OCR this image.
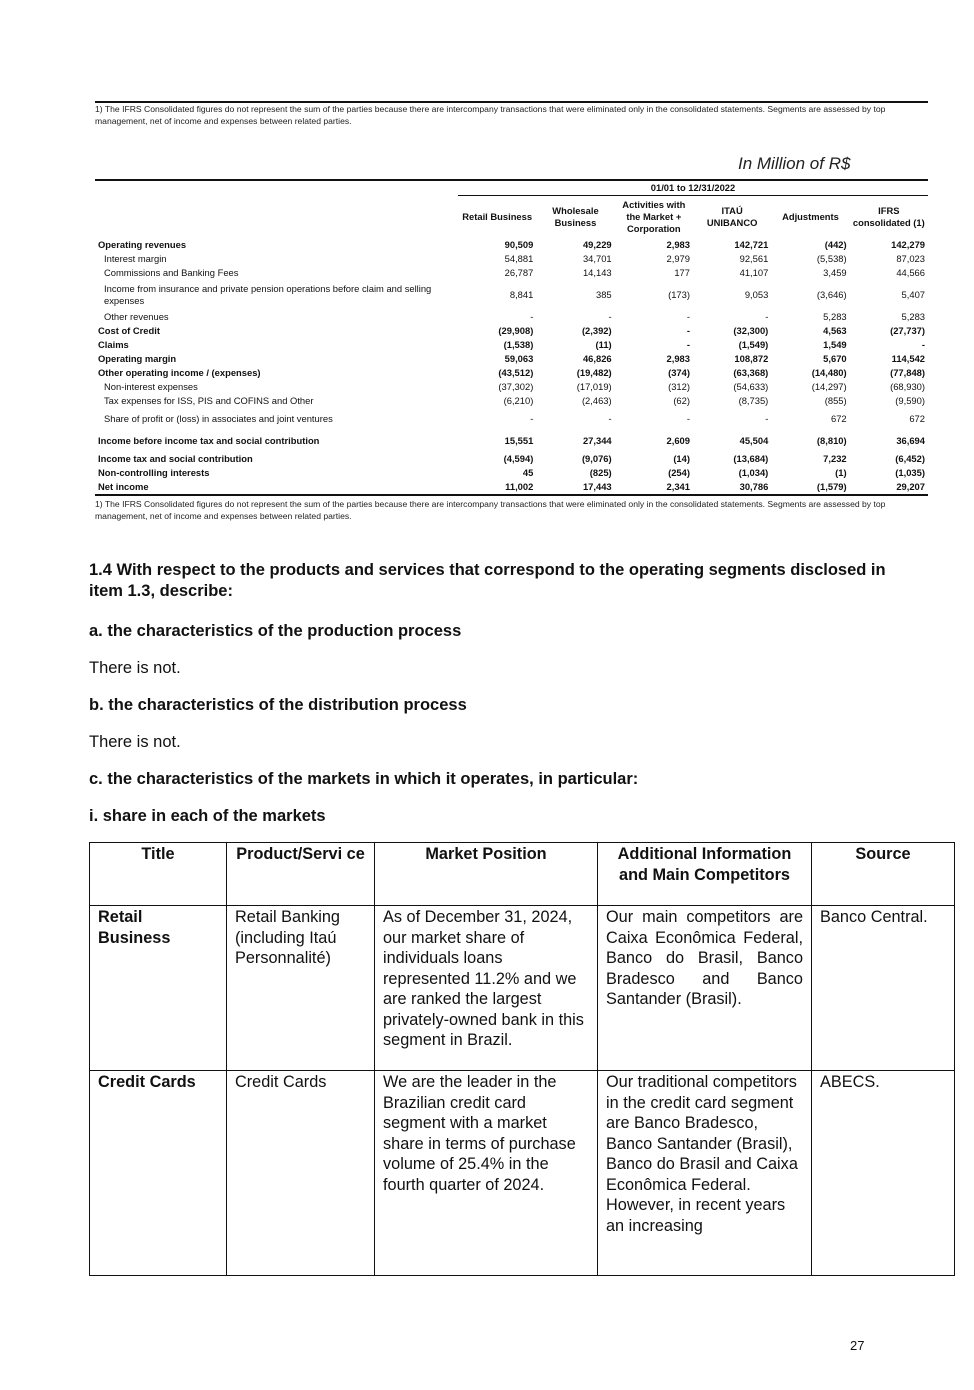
1) The IFRS Consolidated figures do not represent the sum of the parties because there are intercompany transactions that were eliminated only in the consolidated statements. Segments are assessed by top management, net of income and expenses between related parties.
In Million of R$
	01/01 to 12/31/2022					
	Retail Business	Wholesale Business	Activities with the Market + Corporation	ITAÚ UNIBANCO	Adjustments	IFRS consolidated (1)
Operating revenues	90,509	49,229	2,983	142,721	(442)	142,279
Interest margin	54,881	34,701	2,979	92,561	(5,538)	87,023
Commissions and Banking Fees	26,787	14,143	177	41,107	3,459	44,566
Income from insurance and private pension operations before claim and selling expenses	8,841	385	(173)	9,053	(3,646)	5,407
Other revenues	-	-	-	-	5,283	5,283
Cost of Credit	(29,908)	(2,392)	-	(32,300)	4,563	(27,737)
Claims	(1,538)	(11)	-	(1,549)	1,549	-
Operating margin	59,063	46,826	2,983	108,872	5,670	114,542
Other operating income / (expenses)	(43,512)	(19,482)	(374)	(63,368)	(14,480)	(77,848)
Non-interest expenses	(37,302)	(17,019)	(312)	(54,633)	(14,297)	(68,930)
Tax expenses for ISS, PIS and COFINS and Other	(6,210)	(2,463)	(62)	(8,735)	(855)	(9,590)
Share of profit or (loss) in associates and joint ventures	-	-	-	-	672	672
Income before income tax and social contribution	15,551	27,344	2,609	45,504	(8,810)	36,694
Income tax and social contribution	(4,594)	(9,076)	(14)	(13,684)	7,232	(6,452)
Non-controlling interests	45	(825)	(254)	(1,034)	(1)	(1,035)
Net income	11,002	17,443	2,341	30,786	(1,579)	29,207
1) The IFRS Consolidated figures do not represent the sum of the parties because there are intercompany transactions that were eliminated only in the consolidated statements. Segments are assessed by top management, net of income and expenses between related parties.
1.4 With respect to the products and services that correspond to the operating segments disclosed in item 1.3, describe:
a. the characteristics of the production process
There is not.
b. the characteristics of the distribution process
There is not.
c. the characteristics of the markets in which it operates, in particular:
i. share in each of the markets
Title	Product/Servi ce	Market Position	Additional Information and Main Competitors	Source
Retail Business	Retail Banking (including Itaú Personnalité)	As of December 31, 2024, our market share of individuals loans represented 11.2% and we are ranked the largest privately-owned bank in this segment in Brazil.	Our main competitors are Caixa Econômica Federal, Banco do Brasil, Banco Bradesco and Banco Santander (Brasil).	Banco Central.
Credit Cards	Credit Cards	We are the leader in the Brazilian credit card segment with a market share in terms of purchase volume of 25.4% in the fourth quarter of 2024.	Our traditional competitors in the credit card segment are Banco Bradesco, Banco Santander (Brasil), Banco do Brasil and Caixa Econômica Federal. However, in recent years an increasing	ABECS.
27
